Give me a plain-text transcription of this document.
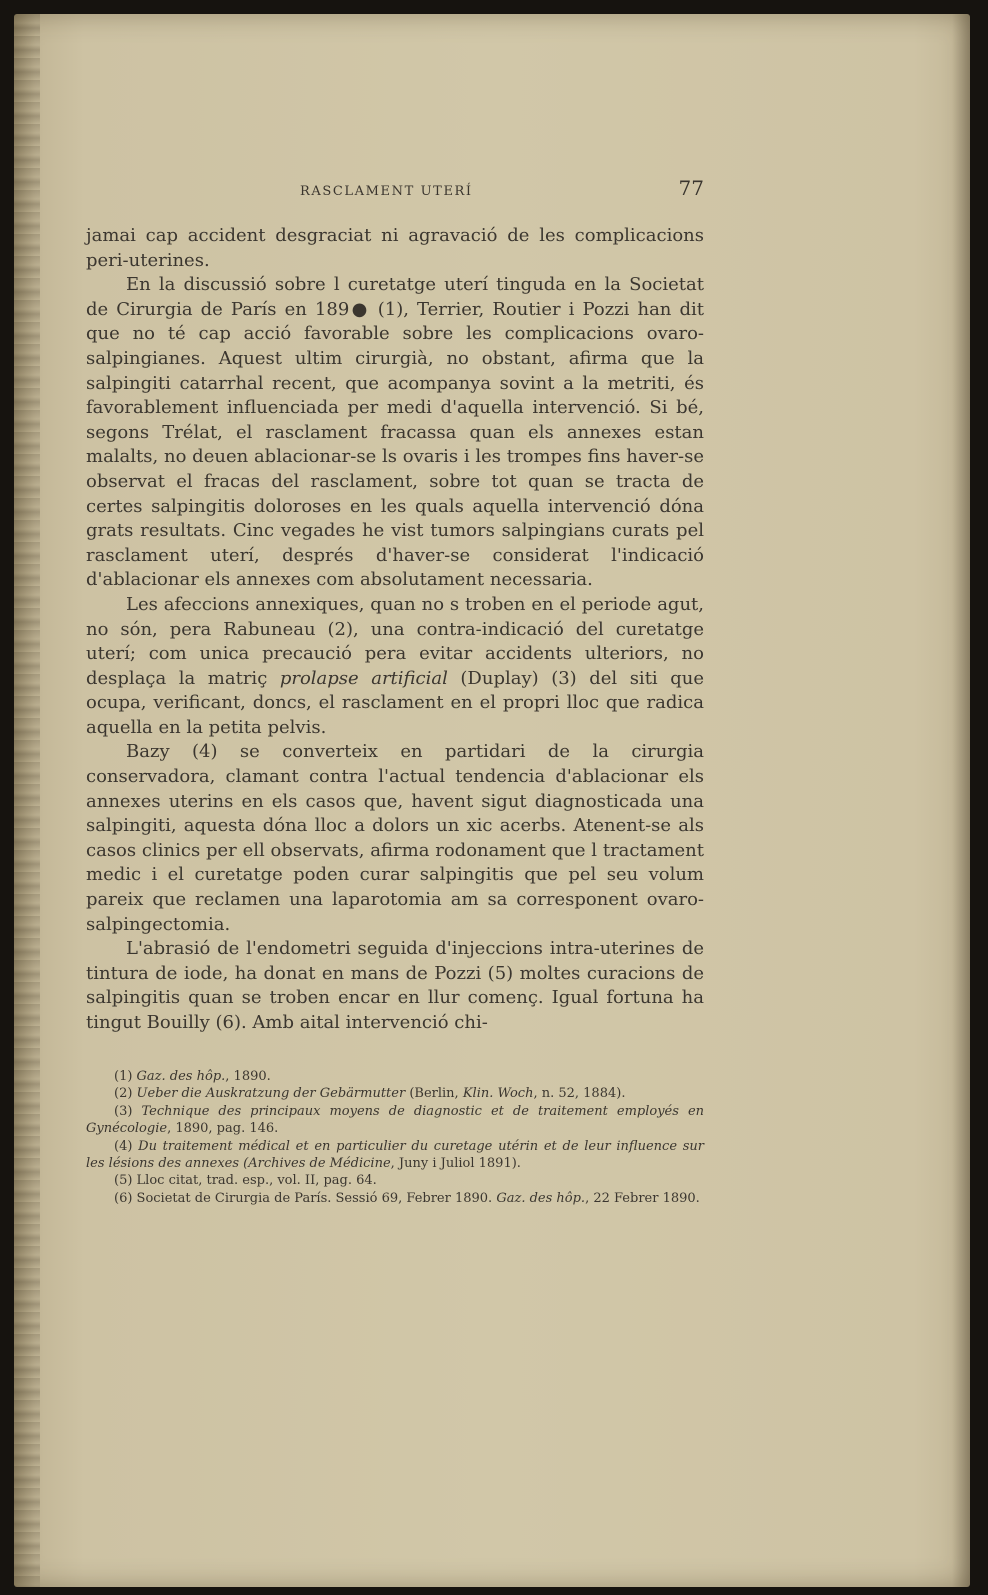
RASCLAMENT UTERÍ	77

jamai cap accident desgraciat ni agravació de les complicacions peri-uterines.

En la discussió sobre l curetatge uterí tinguda en la Societat de Cirurgia de París en 189● (1), Terrier, Routier i Pozzi han dit que no té cap acció favorable sobre les complicacions ovaro-salpingianes. Aquest ultim cirurgià, no obstant, afirma que la salpingiti catarrhal recent, que acompanya sovint a la metriti, és favorablement influenciada per medi d'aquella intervenció. Si bé, segons Trélat, el rasclament fracassa quan els annexes estan malalts, no deuen ablacionar-se ls ovaris i les trompes fins haver-se observat el fracas del rasclament, sobre tot quan se tracta de certes salpingitis doloroses en les quals aquella intervenció dóna grats resultats. Cinc vegades he vist tumors salpingians curats pel rasclament uterí, després d'haver-se considerat l'indicació d'ablacionar els annexes com absolutament necessaria.

Les afeccions annexiques, quan no s troben en el periode agut, no són, pera Rabuneau (2), una contra-indicació del curetatge uterí; com unica precaució pera evitar accidents ulteriors, no desplaça la matriç prolapse artificial (Duplay) (3) del siti que ocupa, verificant, doncs, el rasclament en el propri lloc que radica aquella en la petita pelvis.

Bazy (4) se converteix en partidari de la cirurgia conservadora, clamant contra l'actual tendencia d'ablacionar els annexes uterins en els casos que, havent sigut diagnosticada una salpingiti, aquesta dóna lloc a dolors un xic acerbs. Atenent-se als casos clinics per ell observats, afirma rodonament que l tractament medic i el curetatge poden curar salpingitis que pel seu volum pareix que reclamen una laparotomia am sa corresponent ovaro-salpingectomia.

L'abrasió de l'endometri seguida d'injeccions intra-uterines de tintura de iode, ha donat en mans de Pozzi (5) moltes curacions de salpingitis quan se troben encar en llur començ. Igual fortuna ha tingut Bouilly (6). Amb aital intervenció chi-

(1) Gaz. des hôp., 1890.

(2) Ueber die Auskratzung der Gebärmutter (Berlin, Klin. Woch, n. 52, 1884).

(3) Technique des principaux moyens de diagnostic et de traitement employés en Gynécologie, 1890, pag. 146.

(4) Du traitement médical et en particulier du curetage utérin et de leur influence sur les lésions des annexes (Archives de Médicine, Juny i Juliol 1891).

(5) Lloc citat, trad. esp., vol. II, pag. 64.

(6) Societat de Cirurgia de París. Sessió 69, Febrer 1890. Gaz. des hôp., 22 Febrer 1890.
